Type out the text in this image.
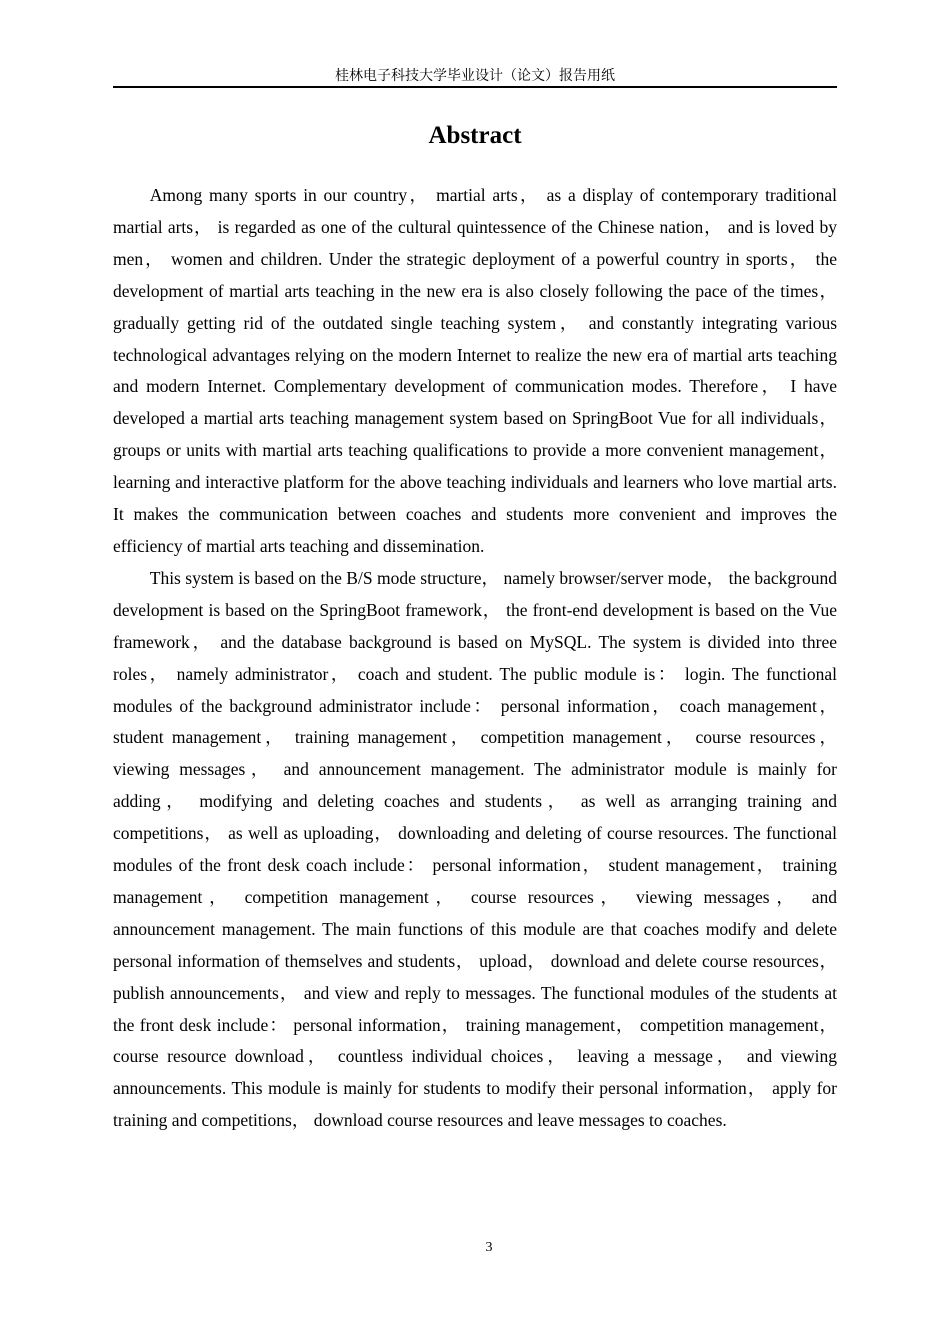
桂林电子科技大学毕业设计（论文）报告用纸
Abstract

Among many sports in our country， martial arts， as a display of contemporary traditional martial arts， is regarded as one of the cultural quintessence of the Chinese nation， and is loved by men， women and children. Under the strategic deployment of a powerful country in sports， the development of martial arts teaching in the new era is also closely following the pace of the times， gradually getting rid of the outdated single teaching system， and constantly integrating various technological advantages relying on the modern Internet to realize the new era of martial arts teaching and modern Internet. Complementary development of communication modes. Therefore， I have developed a martial arts teaching management system based on SpringBoot Vue for all individuals， groups or units with martial arts teaching qualifications to provide a more convenient management， learning and interactive platform for the above teaching individuals and learners who love martial arts. It makes the communication between coaches and students more convenient and improves the efficiency of martial arts teaching and dissemination.

This system is based on the B/S mode structure， namely browser/server mode， the background development is based on the SpringBoot framework， the front-end development is based on the Vue framework， and the database background is based on MySQL. The system is divided into three roles， namely administrator， coach and student. The public module is： login. The functional modules of the background administrator include： personal information， coach management， student management， training management， competition management， course resources， viewing messages， and announcement management. The administrator module is mainly for adding， modifying and deleting coaches and students， as well as arranging training and competitions， as well as uploading， downloading and deleting of course resources. The functional modules of the front desk coach include： personal information， student management， training management， competition management， course resources， viewing messages， and announcement management. The main functions of this module are that coaches modify and delete personal information of themselves and students， upload， download and delete course resources， publish announcements， and view and reply to messages. The functional modules of the students at the front desk include： personal information， training management， competition management， course resource download， countless individual choices， leaving a message， and viewing announcements. This module is mainly for students to modify their personal information， apply for training and competitions， download course resources and leave messages to coaches.

3
